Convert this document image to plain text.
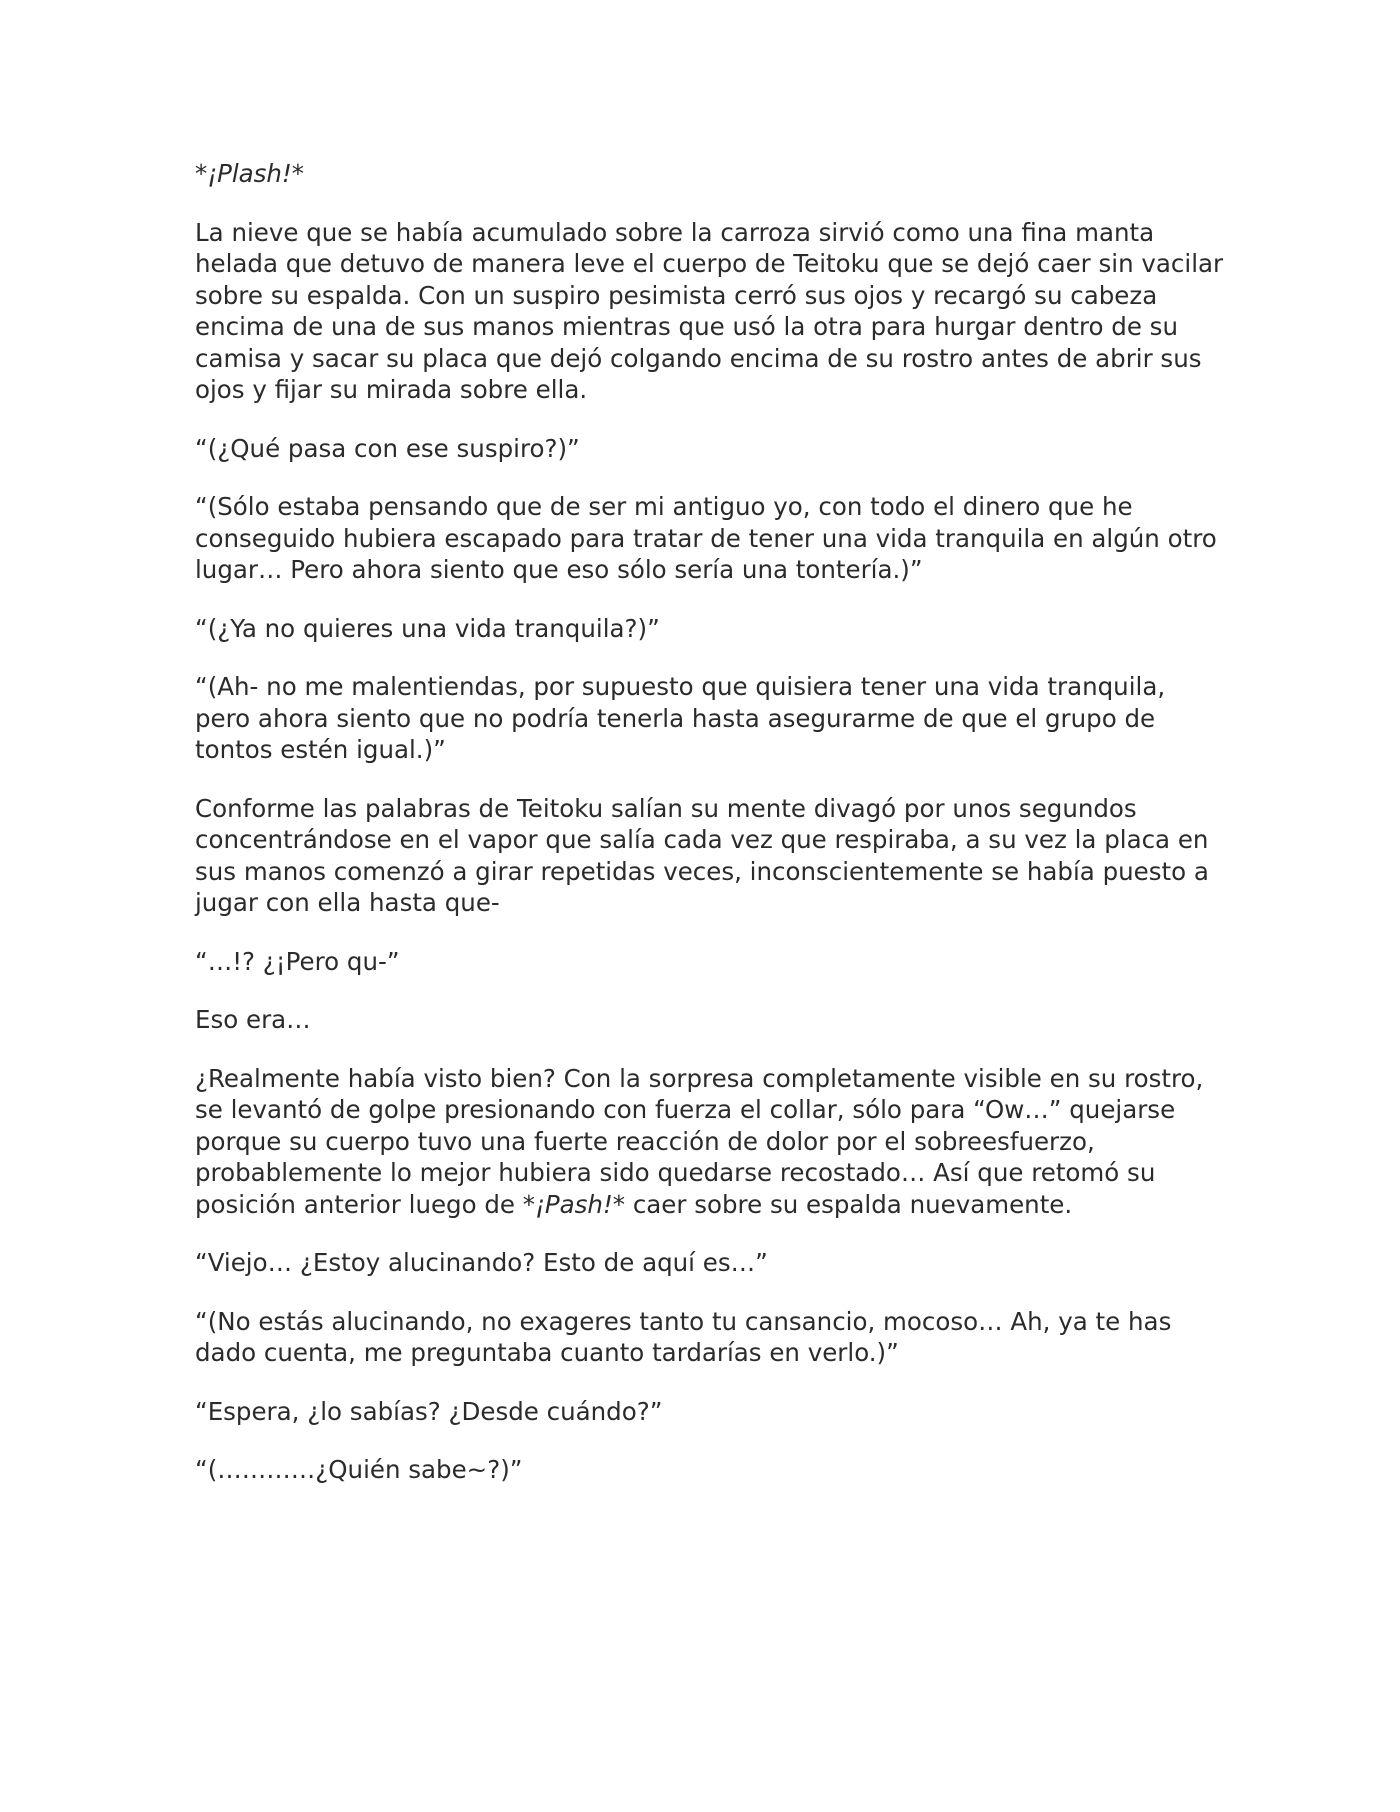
*¡Plash!*

La nieve que se había acumulado sobre la carroza sirvió como una fina manta helada que detuvo de manera leve el cuerpo de Teitoku que se dejó caer sin vacilar sobre su espalda. Con un suspiro pesimista cerró sus ojos y recargó su cabeza encima de una de sus manos mientras que usó la otra para hurgar dentro de su camisa y sacar su placa que dejó colgando encima de su rostro antes de abrir sus ojos y fijar su mirada sobre ella.

“(¿Qué pasa con ese suspiro?)”

“(Sólo estaba pensando que de ser mi antiguo yo, con todo el dinero que he conseguido hubiera escapado para tratar de tener una vida tranquila en algún otro lugar… Pero ahora siento que eso sólo sería una tontería.)”

“(¿Ya no quieres una vida tranquila?)”

“(Ah- no me malentiendas, por supuesto que quisiera tener una vida tranquila, pero ahora siento que no podría tenerla hasta asegurarme de que el grupo de tontos estén igual.)”

Conforme las palabras de Teitoku salían su mente divagó por unos segundos concentrándose en el vapor que salía cada vez que respiraba, a su vez la placa en sus manos comenzó a girar repetidas veces, inconscientemente se había puesto a jugar con ella hasta que-

“…!? ¿¡Pero qu-”

Eso era…

¿Realmente había visto bien? Con la sorpresa completamente visible en su rostro, se levantó de golpe presionando con fuerza el collar, sólo para “Ow…” quejarse porque su cuerpo tuvo una fuerte reacción de dolor por el sobreesfuerzo, probablemente lo mejor hubiera sido quedarse recostado… Así que retomó su posición anterior luego de *¡Pash!* caer sobre su espalda nuevamente.

“Viejo… ¿Estoy alucinando? Esto de aquí es…”

“(No estás alucinando, no exageres tanto tu cansancio, mocoso… Ah, ya te has dado cuenta, me preguntaba cuanto tardarías en verlo.)”

“Espera, ¿lo sabías? ¿Desde cuándo?”

“(…………¿Quién sabe~?)”
